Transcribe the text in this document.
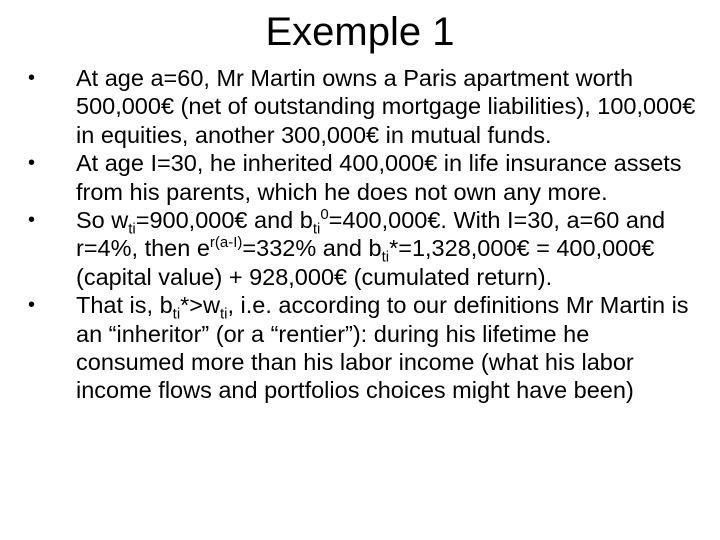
Exemple 1
•	At age a=60, Mr Martin owns a Paris apartment worth 500,000€ (net of outstanding mortgage liabilities), 100,000€ in equities, another 300,000€ in mutual funds.
•	At age I=30, he inherited 400,000€ in life insurance assets from his parents, which he does not own any more.
•	So $w_{ti}=900,000€$ and $b_{ti}^0=400,000€$. With I=30, a=60 and r=4%, then $e^{r(a-I)}=332\%$ and $b_{ti}*=1,328,000€$ = 400,000€ (capital value) + 928,000€ (cumulated return).
•	That is, $b_{ti}*>w_{ti}$, i.e. according to our definitions Mr Martin is an “inheritor” (or a “rentier”): during his lifetime he consumed more than his labor income (what his labor income flows and portfolios choices might have been)
